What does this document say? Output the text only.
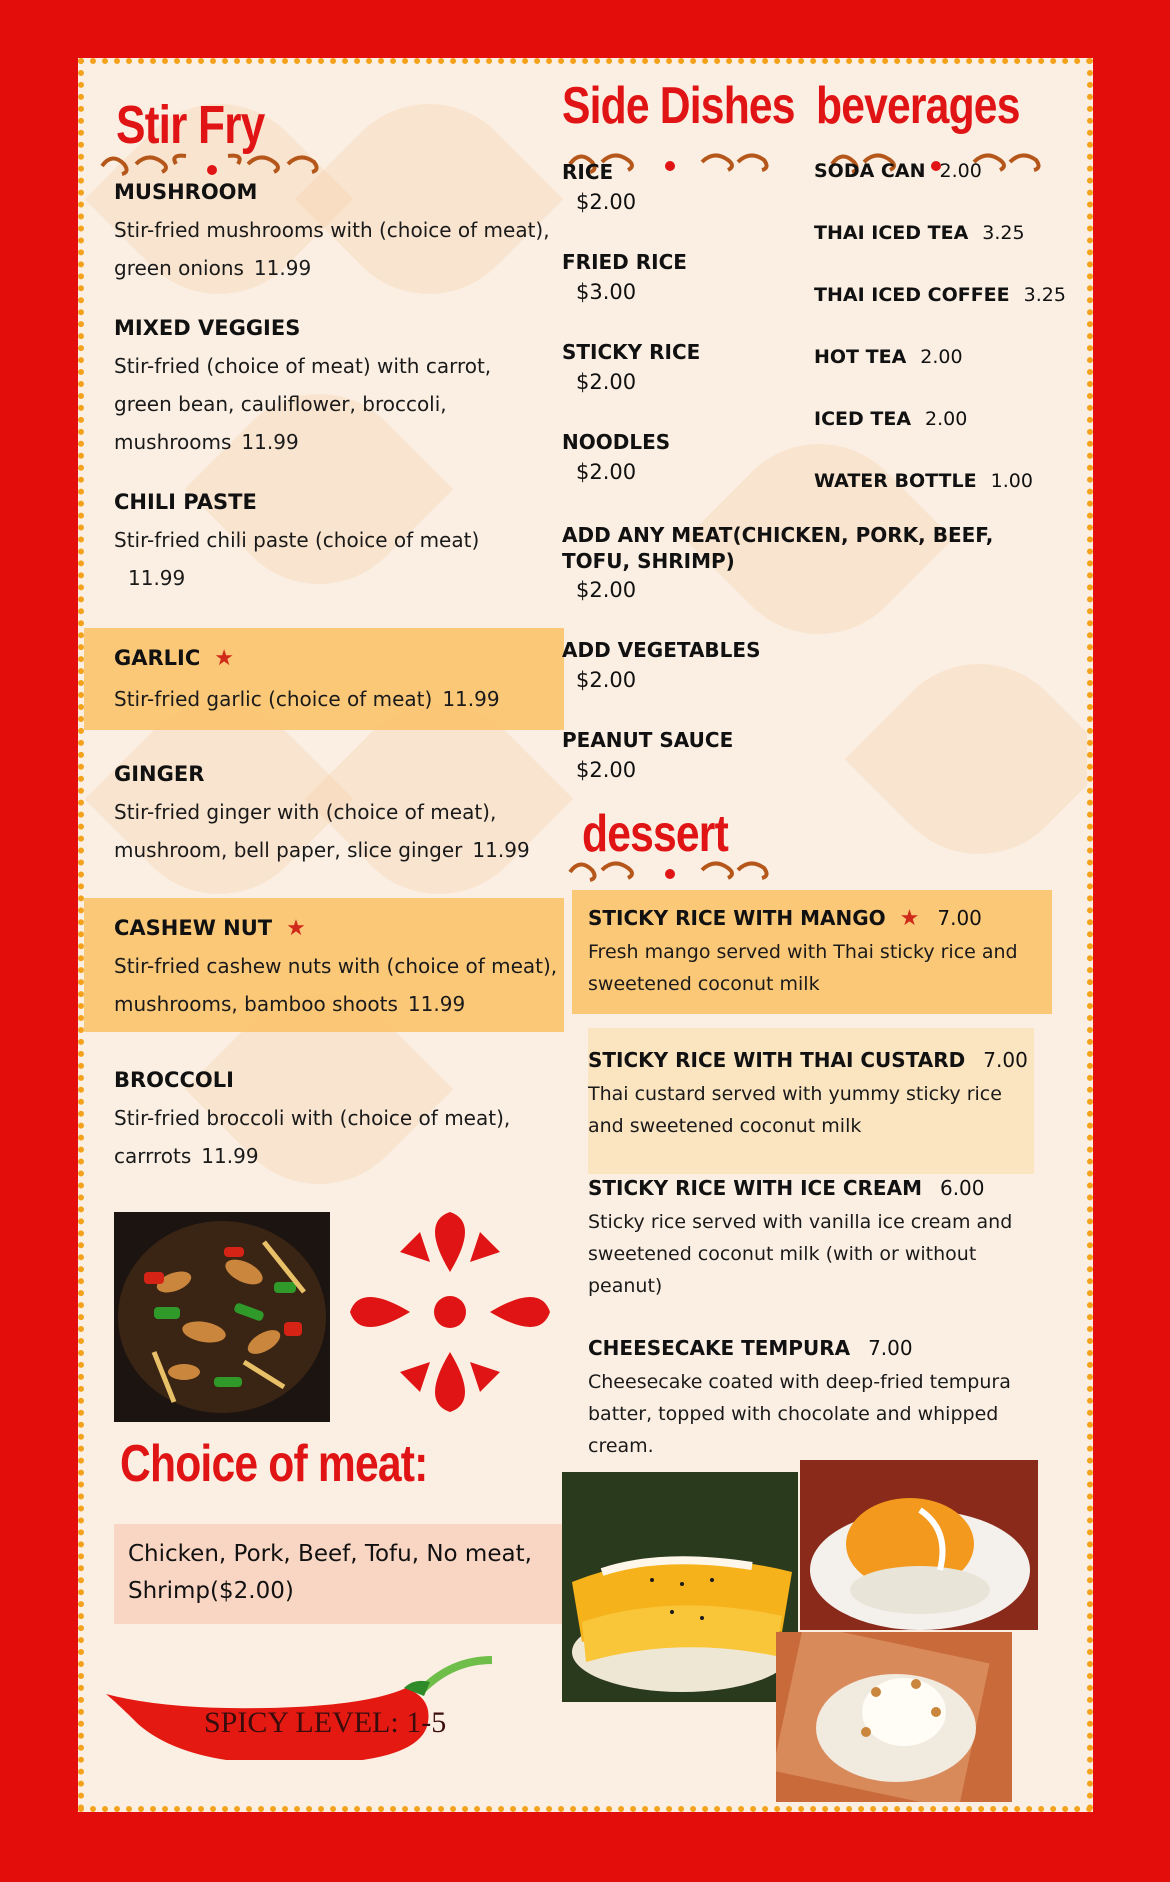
Stir Fry
MUSHROOM
Stir-fried mushrooms with (choice of meat), green onions 11.99
MIXED VEGGIES
Stir-fried (choice of meat) with carrot, green bean, cauliflower, broccoli, mushrooms 11.99
CHILI PASTE
Stir-fried chili paste (choice of meat)
11.99
GARLIC ★
Stir-fried garlic (choice of meat) 11.99
GINGER
Stir-fried ginger with (choice of meat), mushroom, bell paper, slice ginger 11.99
CASHEW NUT ★
Stir-fried cashew nuts with (choice of meat), mushrooms, bamboo shoots 11.99
BROCCOLI
Stir-fried broccoli with (choice of meat), carrrots 11.99
Choice of meat:
Chicken, Pork, Beef, Tofu, No meat, Shrimp($2.00)
SPICY LEVEL: 1-5
Side Dishes
RICE
$2.00
FRIED RICE
$3.00
STICKY RICE
$2.00
NOODLES
$2.00
ADD ANY MEAT(CHICKEN, PORK, BEEF, TOFU, SHRIMP)
$2.00
ADD VEGETABLES
$2.00
PEANUT SAUCE
$2.00
beverages
SODA CAN 2.00
THAI ICED TEA 3.25
THAI ICED COFFEE 3.25
HOT TEA 2.00
ICED TEA 2.00
WATER BOTTLE 1.00
dessert
STICKY RICE WITH MANGO ★ 7.00
Fresh mango served with Thai sticky rice and sweetened coconut milk
STICKY RICE WITH THAI CUSTARD 7.00
Thai custard served with yummy sticky rice and sweetened coconut milk
STICKY RICE WITH ICE CREAM 6.00
Sticky rice served with vanilla ice cream and sweetened coconut milk (with or without peanut)
CHEESECAKE TEMPURA 7.00
Cheesecake coated with deep-fried tempura batter, topped with chocolate and whipped cream.
